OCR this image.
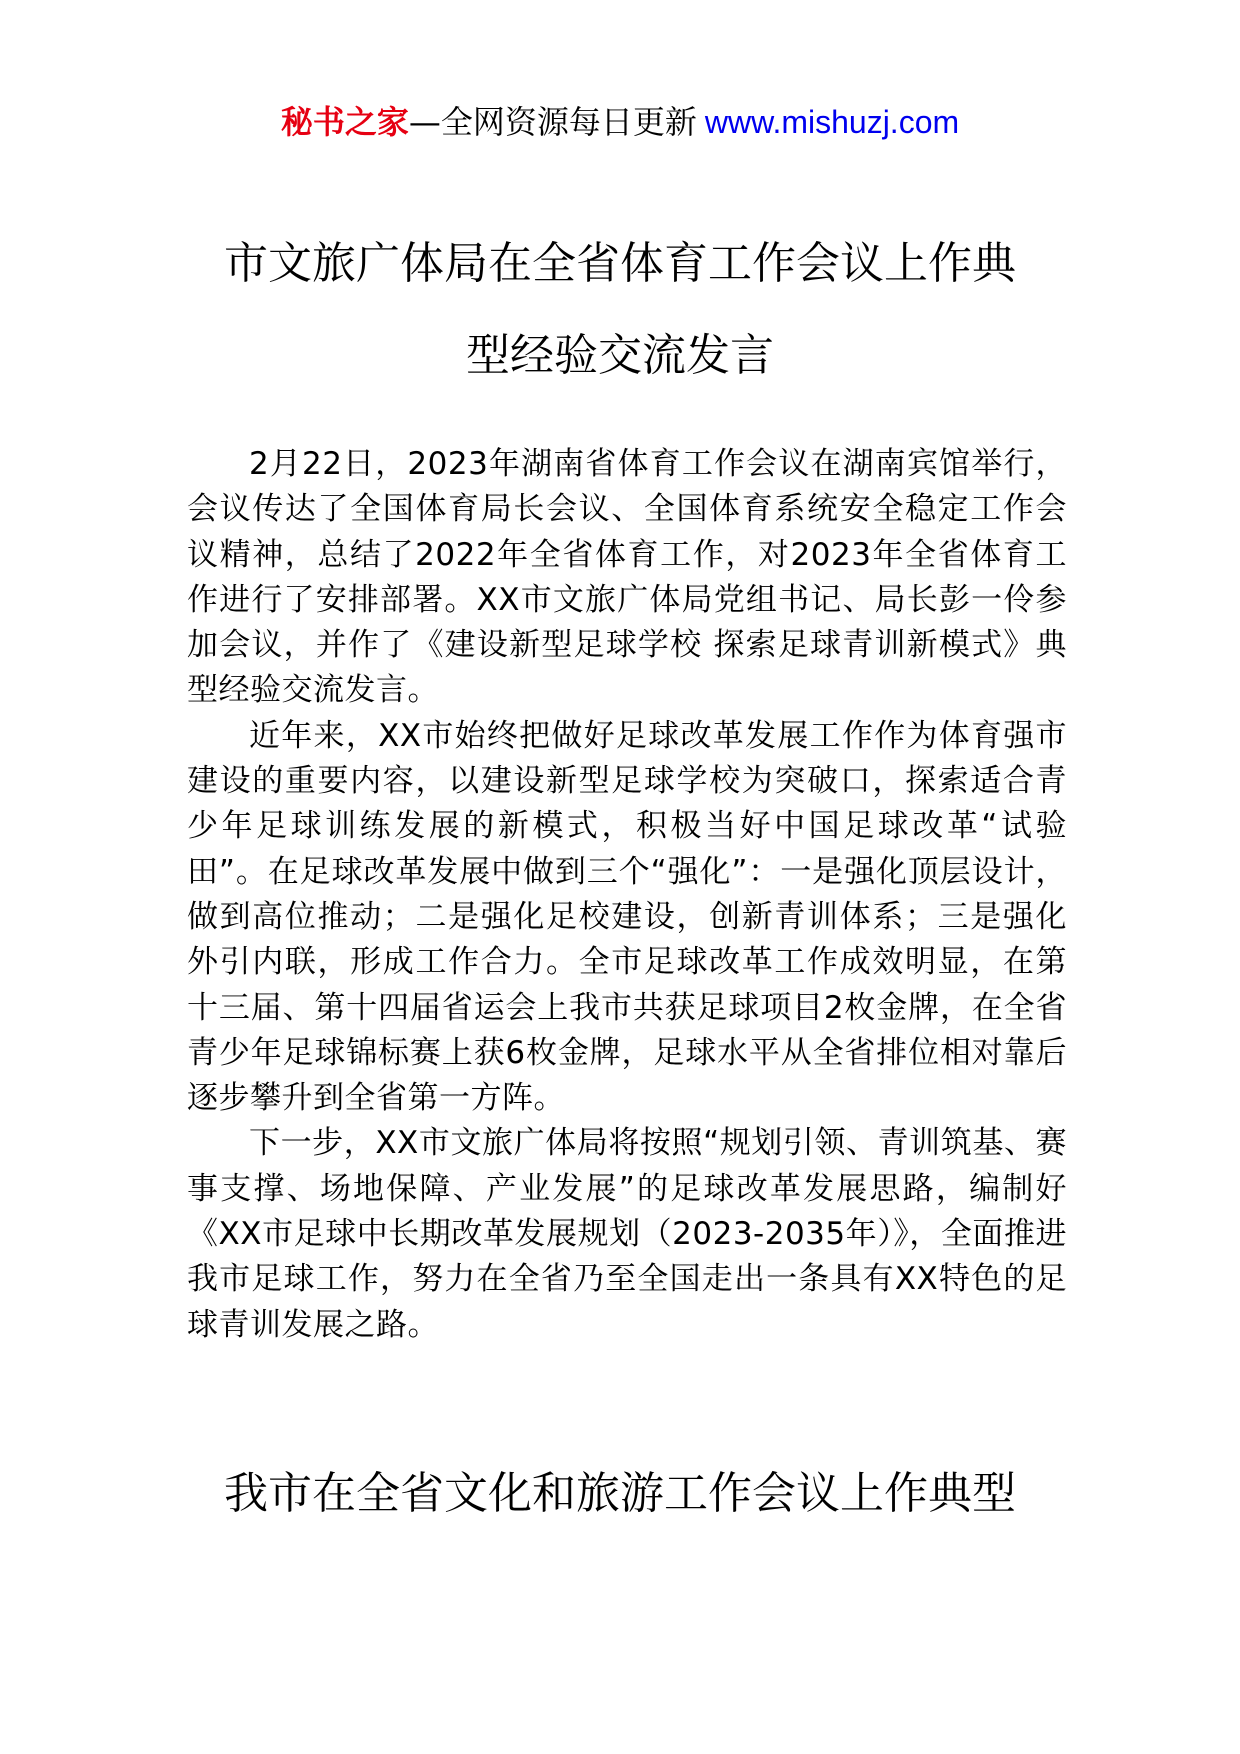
秘书之家—全网资源每日更新 www.mishuzj.com
市文旅广体局在全省体育工作会议上作典
型经验交流发言

2月22日，2023年湖南省体育工作会议在湖南宾馆举行，会议传达了全国体育局长会议、全国体育系统安全稳定工作会议精神，总结了2022年全省体育工作，对2023年全省体育工作进行了安排部署。XX市文旅广体局党组书记、局长彭一伶参加会议，并作了《建设新型足球学校 探索足球青训新模式》典型经验交流发言。

近年来，XX市始终把做好足球改革发展工作作为体育强市建设的重要内容，以建设新型足球学校为突破口，探索适合青少年足球训练发展的新模式，积极当好中国足球改革“试验田”。在足球改革发展中做到三个“强化”：一是强化顶层设计，做到高位推动；二是强化足校建设，创新青训体系；三是强化外引内联，形成工作合力。全市足球改革工作成效明显，在第十三届、第十四届省运会上我市共获足球项目2枚金牌，在全省青少年足球锦标赛上获6枚金牌，足球水平从全省排位相对靠后逐步攀升到全省第一方阵。

下一步，XX市文旅广体局将按照“规划引领、青训筑基、赛事支撑、场地保障、产业发展”的足球改革发展思路，编制好《XX市足球中长期改革发展规划（2023-2035年）》，全面推进我市足球工作，努力在全省乃至全国走出一条具有XX特色的足球青训发展之路。

我市在全省文化和旅游工作会议上作典型
